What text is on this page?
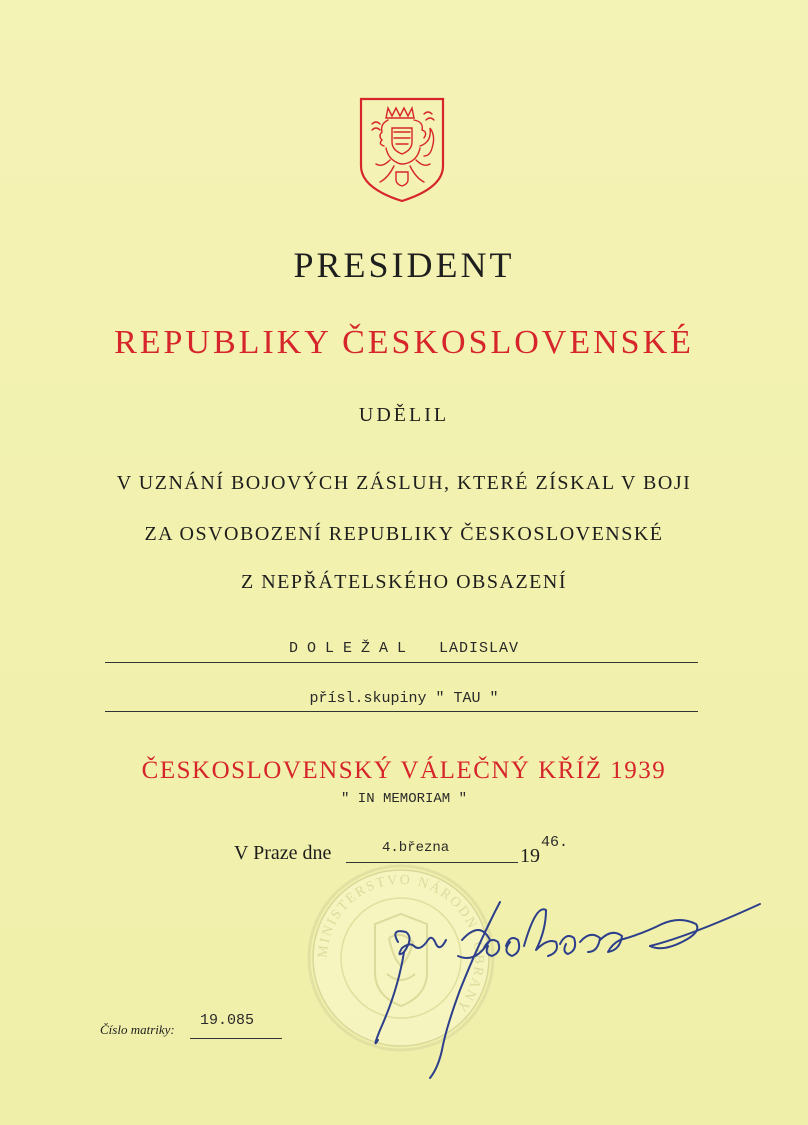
PRESIDENT
REPUBLIKY ČESKOSLOVENSKÉ
UDĚLIL
V UZNÁNÍ BOJOVÝCH ZÁSLUH, KTERÉ ZÍSKAL V BOJI
ZA OSVOBOZENÍ REPUBLIKY ČESKOSLOVENSKÉ
Z NEPŘÁTELSKÉHO OBSAZENÍ
DOLEŽAL LADISLAV
přísl.skupiny " TAU "
ČESKOSLOVENSKÝ VÁLEČNÝ KŘÍŽ 1939
" IN MEMORIAM "
V Praze dne	4.března	19
46.
MINISTERSTVO NÁRODNÍ OBRANY
Číslo matriky:
19.085
